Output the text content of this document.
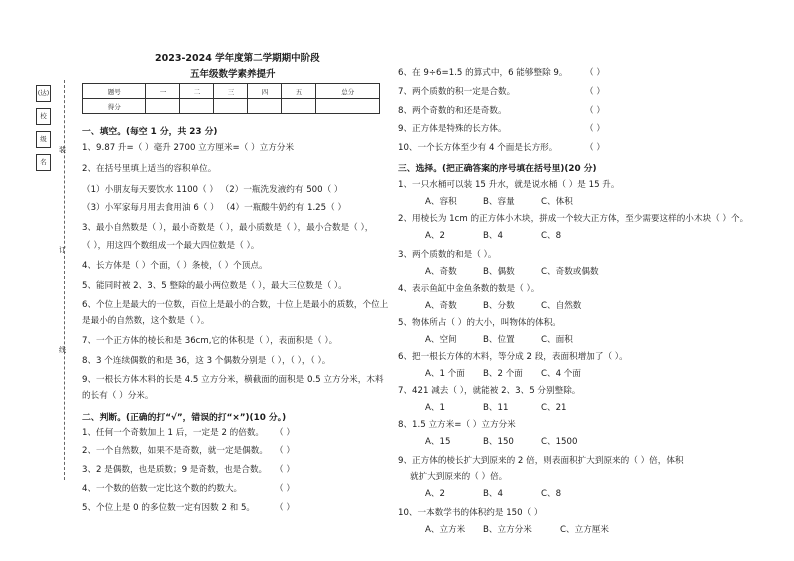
(达)
校
级
名
装
订
线
2023-2024 学年度第二学期期中阶段
五年级数学素养提升
题号	一	二	三	四	五	总分
得分						
一、填空。(每空 1 分，共 23 分)
1、9.87 升=（ ）毫升 2700 立方厘米=（ ）立方分米
2、在括号里填上适当的容积单位。
（1）小朋友每天要饮水 1100（ ） （2）一瓶洗发液约有 500（ ）
（3）小军家每月用去食用油 6（ ） （4）一瓶酸牛奶约有 1.25（ ）
3、最小自然数是（ ），最小奇数是（ ），最小质数是（ ），最小合数是（ ），
（ ），用这四个数组成一个最大四位数是（ ）。
4、长方体是（ ）个面，（ ）条棱，（ ）个顶点。
5、能同时被 2、3、5 整除的最小两位数是（ ），最大三位数是（ ）。
6、个位上是最大的一位数，百位上是最小的合数，十位上是最小的质数，个位上
是最小的自然数，这个数是（ ）。
7、一个正方体的棱长和是 36cm,它的体积是（ ），表面积是（ ）。
8、3 个连续偶数的和是 36，这 3 个偶数分别是（ ），（ ），（ ）。
9、一根长方体木料的长是 4.5 立方分米，横截面的面积是 0.5 立方分米，木料
的长有（ ）分米。
二、判断。(正确的打“√”，错误的打“×”)(10 分。)
1、任何一个奇数加上 1 后，一定是 2 的倍数。 （ ）
2、一个自然数，如果不是奇数，就一定是偶数。 （ ）
3、2 是偶数，也是质数；9 是奇数，也是合数。 （ ）
4、一个数的倍数一定比这个数的约数大。	（ ）
5、个位上是 0 的多位数一定有因数 2 和 5。 （ ）
6、在 9÷6=1.5 的算式中，6 能够整除 9。 （ ）
7、两个质数的积一定是合数。	（ ）
8、两个奇数的和还是奇数。	（ ）
9、正方体是特殊的长方体。	（ ）
10、一个长方体至少有 4 个面是长方形。	（ ）
三、选择。(把正确答案的序号填在括号里)(20 分)
1、一只水桶可以装 15 升水，就是说水桶（ ）是 15 升。
A、容积	B、容量	C、体积
2、用棱长为 1cm 的正方体小木块，拼成一个较大正方体，至少需要这样的小木块（ ）个。
A、2	B、4	C、8
3、两个质数的和是（ ）。
A、奇数	B、偶数	C、奇数或偶数
4、表示鱼缸中金鱼条数的数是（ ）。
A、奇数	B、分数	C、自然数
5、物体所占（ ）的大小，叫物体的体积。
A、空间	B、位置	C、面积
6、把一根长方体的木料，等分成 2 段，表面积增加了（ ）。
A、1 个面 B、2 个面 C、4 个面
7、421 减去（ ），就能被 2、3、5 分别整除。
A、1	B、11	C、21
8、1.5 立方米=（ ）立方分米
A、15	B、150	C、1500
9、正方体的棱长扩大到原来的 2 倍，则表面积扩大到原来的（ ）倍，体积
就扩大到原来的（ ）倍。
A、2	B、4	C、8
10、一本数学书的体积约是 150（ ）
A、立方米 B、立方分米	C、立方厘米
